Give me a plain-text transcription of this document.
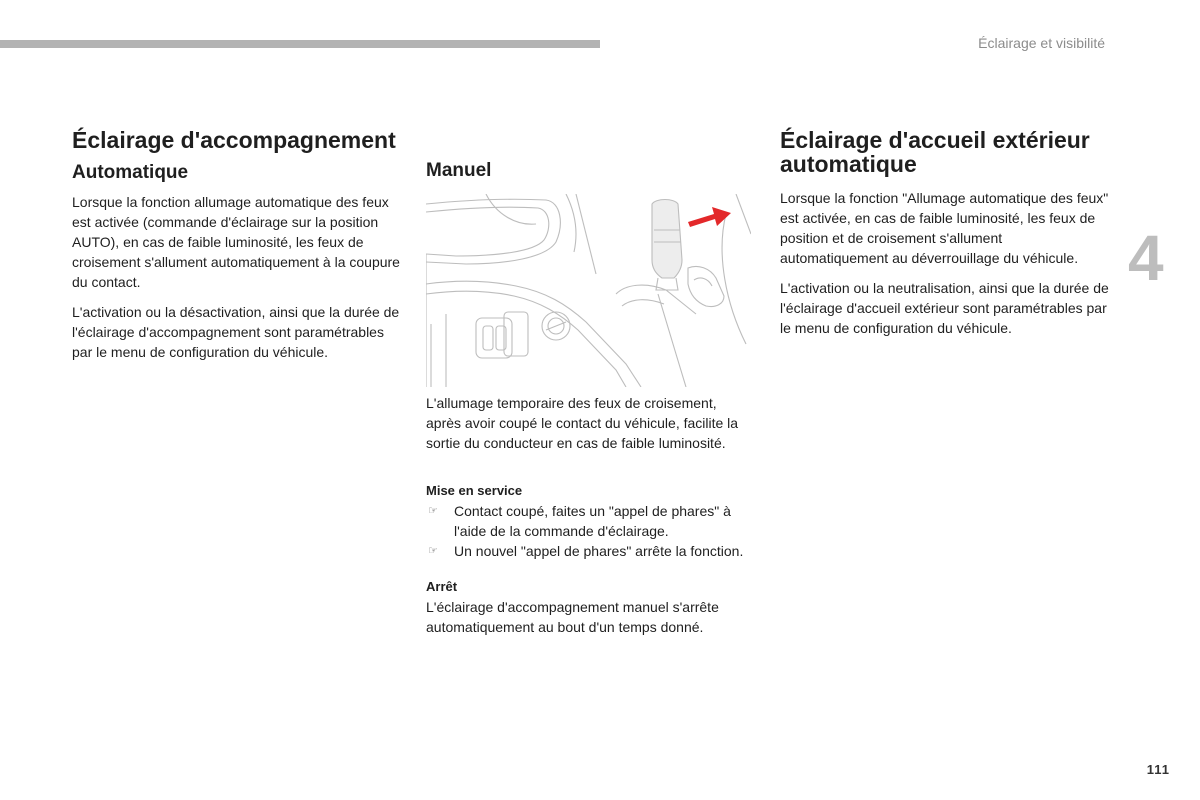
Éclairage et visibilité
4
Éclairage d'accompagnement
Automatique

Lorsque la fonction allumage automatique des feux est activée (commande d'éclairage sur la position AUTO), en cas de faible luminosité, les feux de croisement s'allument automatiquement à la coupure du contact.

L'activation ou la désactivation, ainsi que la durée de l'éclairage d'accompagnement sont paramétrables par le menu de configuration du véhicule.

Manuel

L'allumage temporaire des feux de croisement, après avoir coupé le contact du véhicule, facilite la sortie du conducteur en cas de faible luminosité.

Mise en service
☞ Contact coupé, faites un "appel de phares" à l'aide de la commande d'éclairage.
☞ Un nouvel "appel de phares" arrête la fonction.
Arrêt

L'éclairage d'accompagnement manuel s'arrête automatiquement au bout d'un temps donné.

Éclairage d'accueil extérieur automatique

Lorsque la fonction "Allumage automatique des feux" est activée, en cas de faible luminosité, les feux de position et de croisement s'allument automatiquement au déverrouillage du véhicule.

L'activation ou la neutralisation, ainsi que la durée de l'éclairage d'accueil extérieur sont paramétrables par le menu de configuration du véhicule.

111
